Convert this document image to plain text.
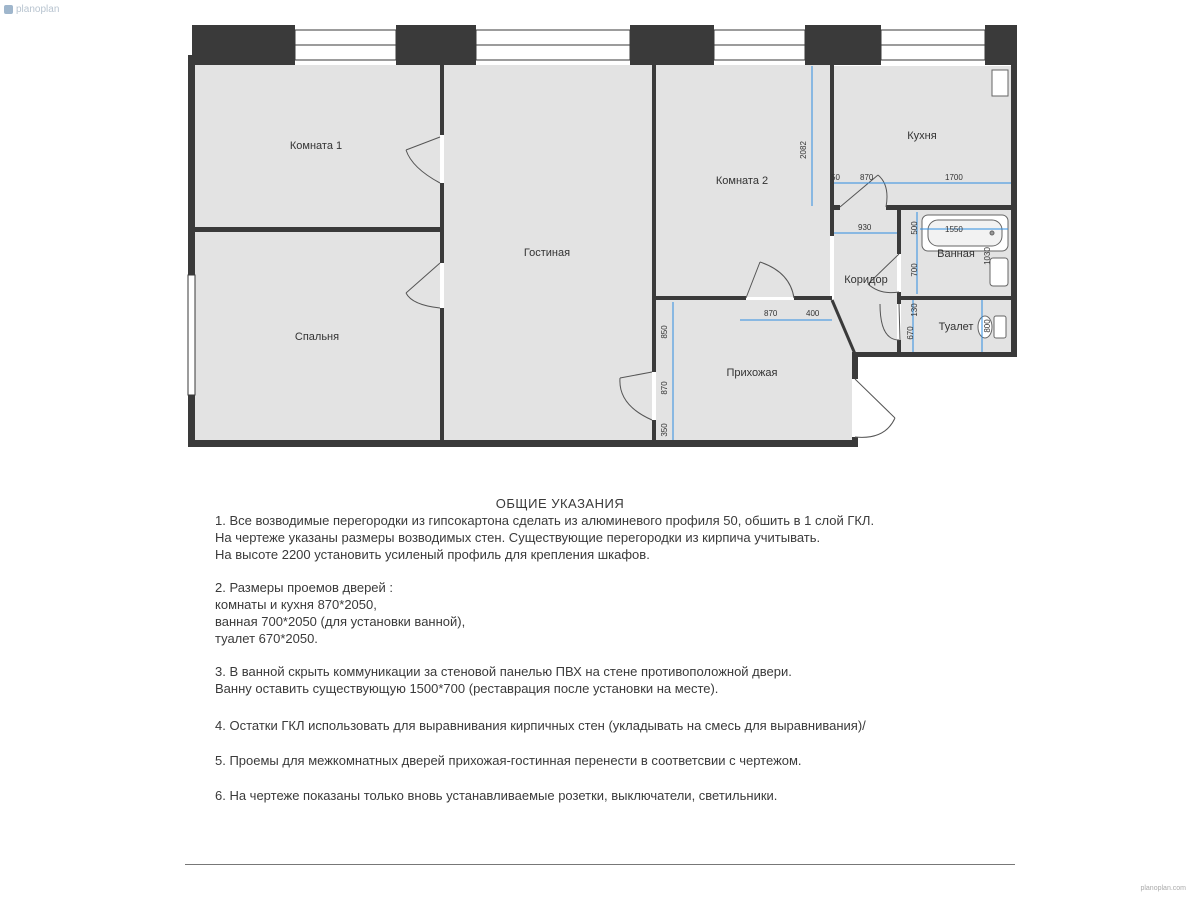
planoplan
2082
50	870	1700
930	500	1550
700
1030
130
670
800
870	400
850
870
350
Комната 1
Спальня
Гостиная
Комната 2
Кухня
Ванная
Коридор
Туалет
Прихожая
ОБЩИЕ УКАЗАНИЯ

1. Все возводимые перегородки из гипсокартона сделать из алюминевого профиля 50, обшить в 1 слой ГКЛ.

На чертеже указаны размеры возводимых стен. Существующие перегородки из кирпича учитывать.

На высоте 2200 установить усиленый профиль для крепления шкафов.

2. Размеры проемов дверей :

комнаты и кухня 870*2050,

ванная 700*2050 (для установки ванной),

туалет 670*2050.

3. В ванной скрыть коммуникации за стеновой панелью ПВХ на стене противоположной двери.

Ванну оставить существующую 1500*700 (реставрация после установки на месте).

4. Остатки ГКЛ использовать для выравнивания кирпичных стен (укладывать на смесь для выравнивания)/

5. Проемы для межкомнатных дверей прихожая-гостинная перенести в соответсвии с чертежом.

6. На чертеже показаны только вновь устанавливаемые розетки, выключатели, светильники.

planoplan.com
